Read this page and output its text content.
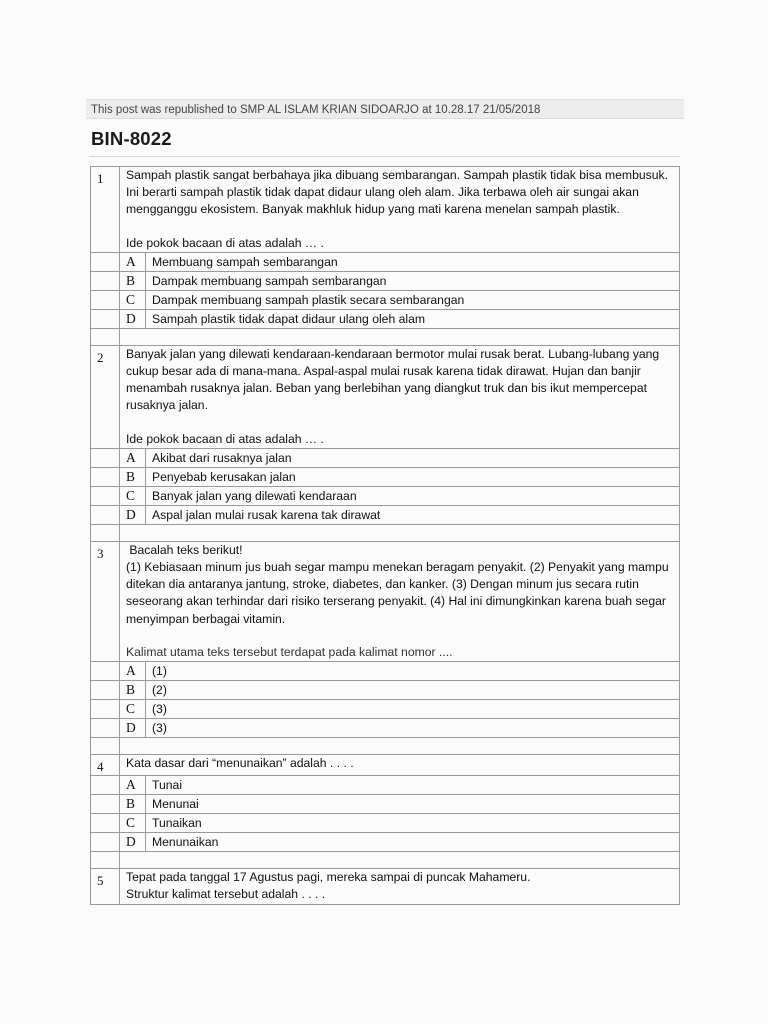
This post was republished to SMP AL ISLAM KRIAN SIDOARJO at 10.28.17 21/05/2018
BIN-8022
1	Sampah plastik sangat berbahaya jika dibuang sembarangan. Sampah plastik tidak bisa membusuk. Ini berarti sampah plastik tidak dapat didaur ulang oleh alam. Jika terbawa oleh air sungai akan mengganggu ekosistem. Banyak makhluk hidup yang mati karena menelan sampah plastik.

Ide pokok bacaan di atas adalah … .	

	A	Membuang sampah sembarangan
	B	Dampak membuang sampah sembarangan
	C	Dampak membuang sampah plastik secara sembarangan
	D	Sampah plastik tidak dapat didaur ulang oleh alam

2	Banyak jalan yang dilewati kendaraan-kendaraan bermotor mulai rusak berat. Lubang-lubang yang cukup besar ada di mana-mana. Aspal-aspal mulai rusak karena tidak dirawat. Hujan dan banjir menambah rusaknya jalan. Beban yang berlebihan yang diangkut truk dan bis ikut mempercepat rusaknya jalan.

Ide pokok bacaan di atas adalah … .	

	A	Akibat dari rusaknya jalan
	B	Penyebab kerusakan jalan
	C	Banyak jalan yang dilewati kendaraan
	D	Aspal jalan mulai rusak karena tak dirawat

3	Bacalah teks berikut!

(1) Kebiasaan minum jus buah segar mampu menekan beragam penyakit. (2) Penyakit yang mampu ditekan dia antaranya jantung, stroke, diabetes, dan kanker. (3) Dengan minum jus secara rutin seseorang akan terhindar dari risiko terserang penyakit. (4) Hal ini dimungkinkan karena buah segar menyimpan berbagai vitamin.

Kalimat utama teks tersebut terdapat pada kalimat nomor ....	

	A	(1)
	B	(2)
	C	(3)
	D	(3)

4	Kata dasar dari “menunaikan” adalah . . . .	

	A	Tunai
	B	Menunai
	C	Tunaikan
	D	Menunaikan

5	Tepat pada tanggal 17 Agustus pagi, mereka sampai di puncak Mahameru.

Struktur kalimat tersebut adalah . . . .	
